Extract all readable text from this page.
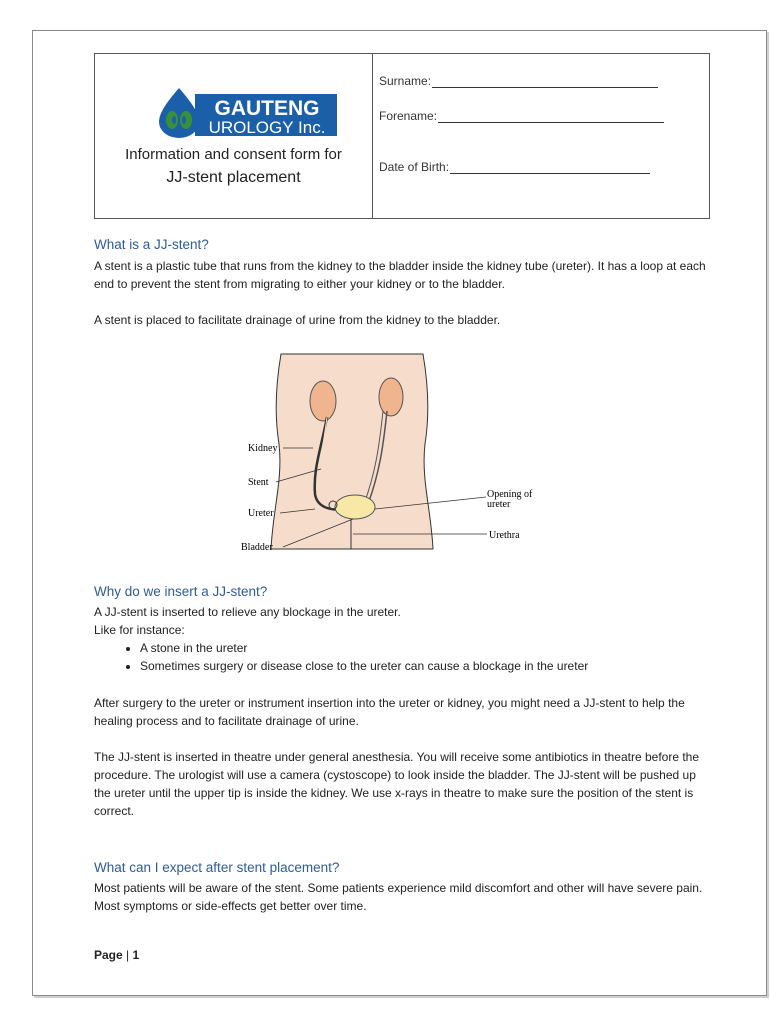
GAUTENG
UROLOGY Inc.
Information and consent form for
JJ-stent placement
Surname:
Forename:
Date of Birth:
What is a JJ-stent?

A stent is a plastic tube that runs from the kidney to the bladder inside the kidney tube (ureter). It has a loop at each end to prevent the stent from migrating to either your kidney or to the bladder.

A stent is placed to facilitate drainage of urine from the kidney to the bladder.

Kidney
Stent
Ureter
Bladder
Opening of
ureter
Urethra
Why do we insert a JJ-stent?

A JJ-stent is inserted to relieve any blockage in the ureter.

Like for instance:

• A stone in the ureter
• Sometimes surgery or disease close to the ureter can cause a blockage in the ureter

After surgery to the ureter or instrument insertion into the ureter or kidney, you might need a JJ-stent to help the healing process and to facilitate drainage of urine.

The JJ-stent is inserted in theatre under general anesthesia. You will receive some antibiotics in theatre before the procedure. The urologist will use a camera (cystoscope) to look inside the bladder. The JJ-stent will be pushed up the ureter until the upper tip is inside the kidney. We use x-rays in theatre to make sure the position of the stent is correct.

What can I expect after stent placement?

Most patients will be aware of the stent. Some patients experience mild discomfort and other will have severe pain. Most symptoms or side-effects get better over time.

Page | 1
